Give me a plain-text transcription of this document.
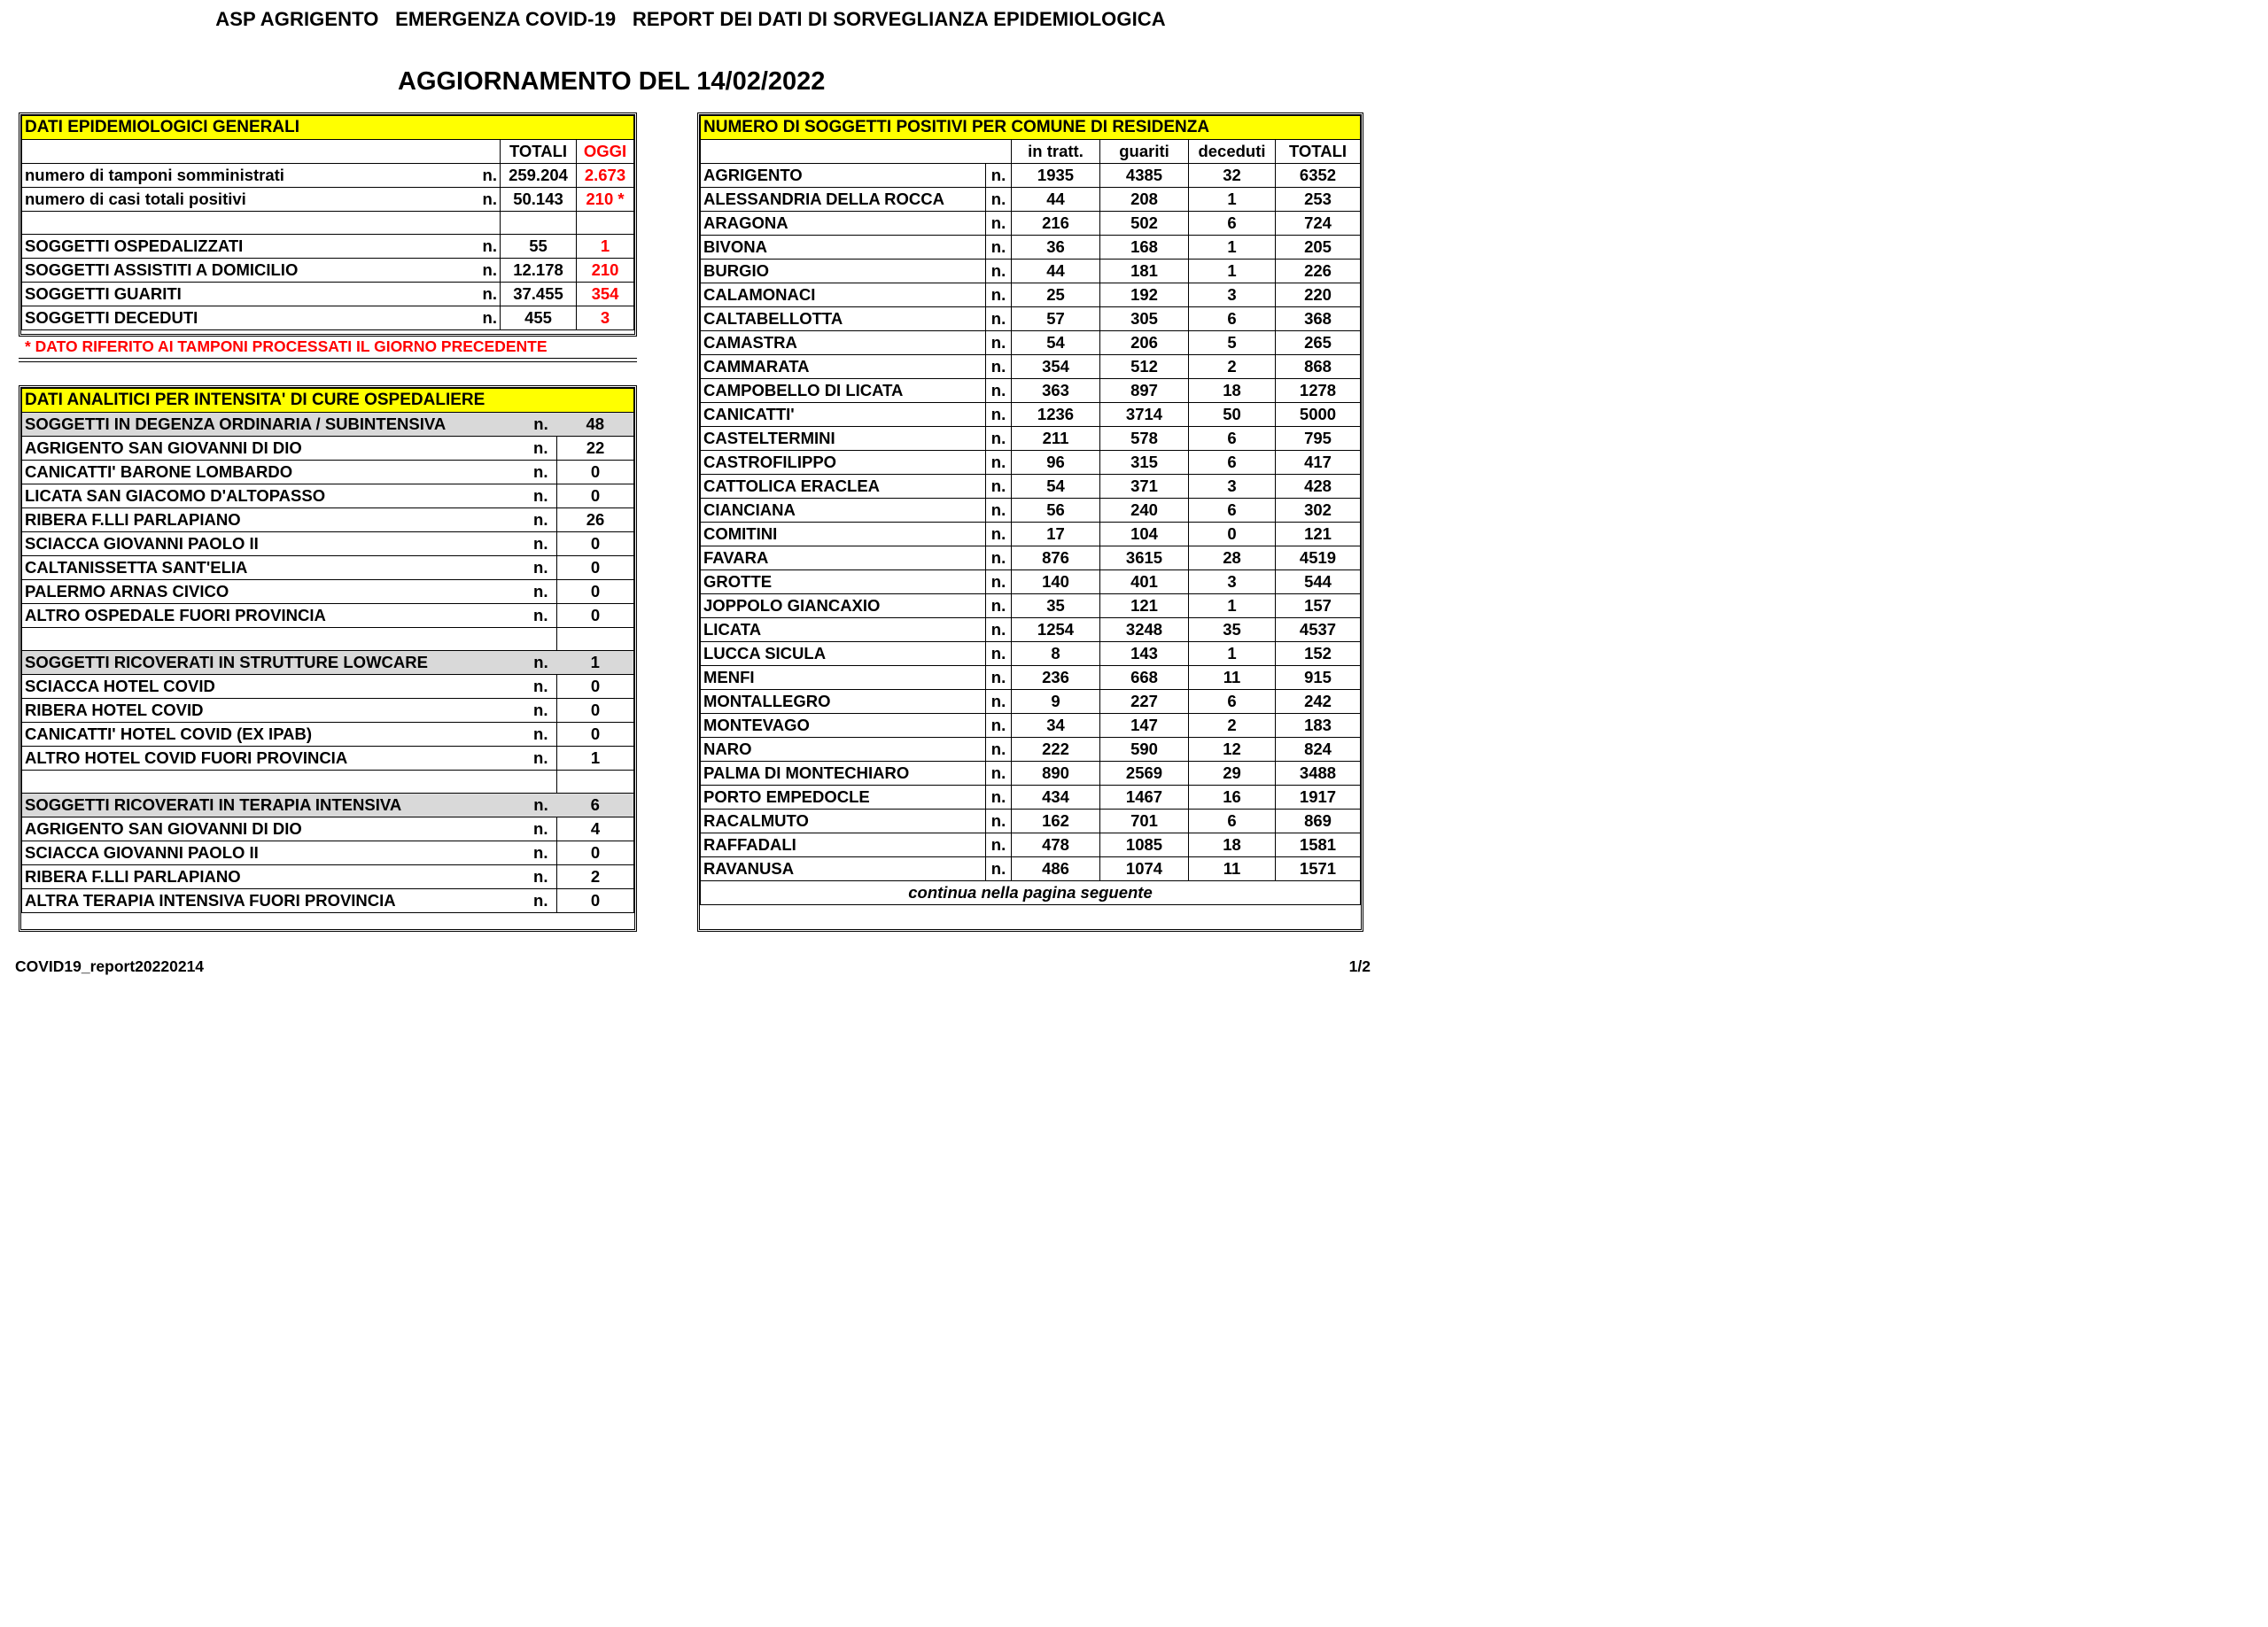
ASP AGRIGENTO   EMERGENZA COVID-19   REPORT DEI DATI DI SORVEGLIANZA EPIDEMIOLOGICA
AGGIORNAMENTO DEL 14/02/2022
DATI EPIDEMIOLOGICI GENERALI			
		TOTALI	OGGI
numero di tamponi somministrati	n.	259.204	2.673
numero di casi totali positivi	n.	50.143	210 *

SOGGETTI OSPEDALIZZATI	n.	55	1
SOGGETTI ASSISTITI A DOMICILIO	n.	12.178	210
SOGGETTI GUARITI	n.	37.455	354
SOGGETTI DECEDUTI	n.	455	3
* DATO RIFERITO AI TAMPONI PROCESSATI IL GIORNO PRECEDENTE
DATI ANALITICI PER INTENSITA' DI CURE OSPEDALIERE		
SOGGETTI IN DEGENZA ORDINARIA / SUBINTENSIVA	n.	48
AGRIGENTO SAN GIOVANNI DI DIO	n.	22
CANICATTI' BARONE LOMBARDO	n.	0
LICATA SAN GIACOMO D'ALTOPASSO	n.	0
RIBERA F.LLI PARLAPIANO	n.	26
SCIACCA GIOVANNI PAOLO II	n.	0
CALTANISSETTA SANT'ELIA	n.	0
PALERMO ARNAS CIVICO	n.	0
ALTRO OSPEDALE FUORI PROVINCIA	n.	0

SOGGETTI RICOVERATI IN STRUTTURE LOWCARE	n.	1
SCIACCA HOTEL COVID	n.	0
RIBERA HOTEL COVID	n.	0
CANICATTI' HOTEL COVID (EX IPAB)	n.	0
ALTRO HOTEL COVID FUORI PROVINCIA	n.	1

SOGGETTI RICOVERATI IN TERAPIA INTENSIVA	n.	6
AGRIGENTO SAN GIOVANNI DI DIO	n.	4
SCIACCA GIOVANNI PAOLO II	n.	0
RIBERA F.LLI PARLAPIANO	n.	2
ALTRA TERAPIA INTENSIVA FUORI PROVINCIA	n.	0
NUMERO DI SOGGETTI POSITIVI PER COMUNE DI RESIDENZA					
		in tratt.	guariti	deceduti	TOTALI
AGRIGENTO	n.	1935	4385	32	6352
ALESSANDRIA DELLA ROCCA	n.	44	208	1	253
ARAGONA	n.	216	502	6	724
BIVONA	n.	36	168	1	205
BURGIO	n.	44	181	1	226
CALAMONACI	n.	25	192	3	220
CALTABELLOTTA	n.	57	305	6	368
CAMASTRA	n.	54	206	5	265
CAMMARATA	n.	354	512	2	868
CAMPOBELLO DI LICATA	n.	363	897	18	1278
CANICATTI'	n.	1236	3714	50	5000
CASTELTERMINI	n.	211	578	6	795
CASTROFILIPPO	n.	96	315	6	417
CATTOLICA ERACLEA	n.	54	371	3	428
CIANCIANA	n.	56	240	6	302
COMITINI	n.	17	104	0	121
FAVARA	n.	876	3615	28	4519
GROTTE	n.	140	401	3	544
JOPPOLO GIANCAXIO	n.	35	121	1	157
LICATA	n.	1254	3248	35	4537
LUCCA SICULA	n.	8	143	1	152
MENFI	n.	236	668	11	915
MONTALLEGRO	n.	9	227	6	242
MONTEVAGO	n.	34	147	2	183
NARO	n.	222	590	12	824
PALMA DI MONTECHIARO	n.	890	2569	29	3488
PORTO EMPEDOCLE	n.	434	1467	16	1917
RACALMUTO	n.	162	701	6	869
RAFFADALI	n.	478	1085	18	1581
RAVANUSA	n.	486	1074	11	1571
continua nella pagina seguente					
COVID19_report20220214	1/2
